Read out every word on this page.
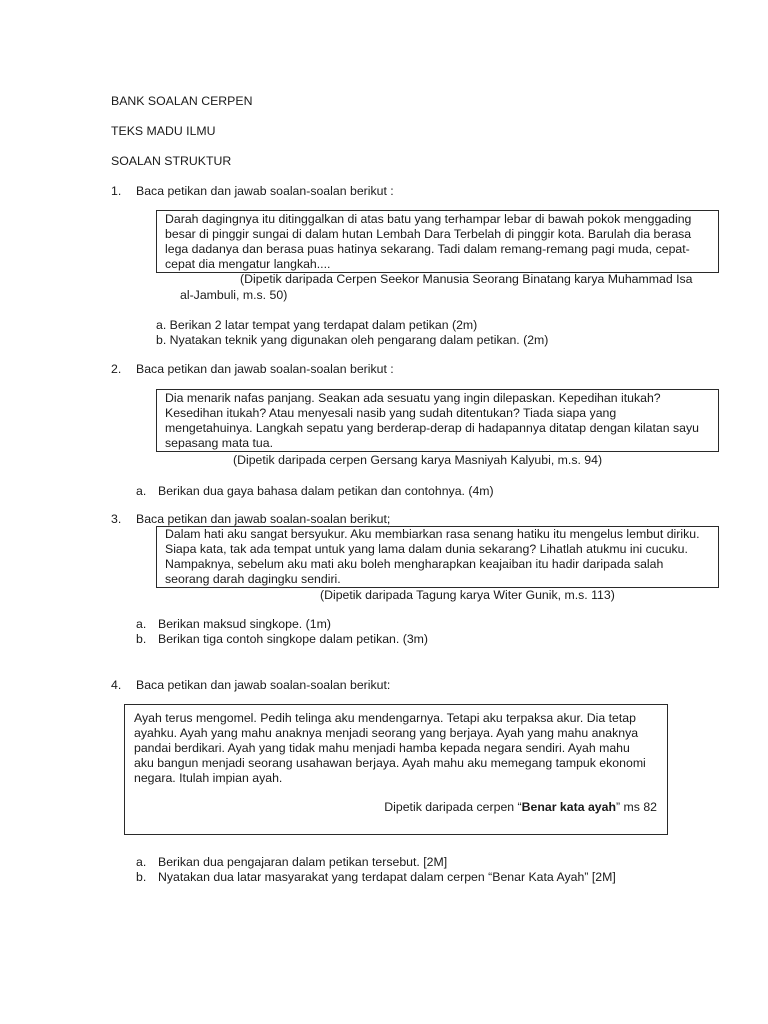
BANK SOALAN CERPEN
TEKS MADU ILMU
SOALAN STRUKTUR
1. Baca petikan dan jawab soalan-soalan berikut :
Darah dagingnya itu ditinggalkan di atas batu yang terhampar lebar di bawah pokok menggading
besar di pinggir sungai di dalam hutan Lembah Dara Terbelah di pinggir kota. Barulah dia berasa
lega dadanya dan berasa puas hatinya sekarang. Tadi dalam remang-remang pagi muda, cepat-
cepat dia mengatur langkah....
(Dipetik daripada Cerpen Seekor Manusia Seorang Binatang karya Muhammad Isa
al-Jambuli, m.s. 50)
a. Berikan 2 latar tempat yang terdapat dalam petikan (2m)
b. Nyatakan teknik yang digunakan oleh pengarang dalam petikan. (2m)
2. Baca petikan dan jawab soalan-soalan berikut :
Dia menarik nafas panjang. Seakan ada sesuatu yang ingin dilepaskan. Kepedihan itukah?
Kesedihan itukah? Atau menyesali nasib yang sudah ditentukan? Tiada siapa yang
mengetahuinya. Langkah sepatu yang berderap-derap di hadapannya ditatap dengan kilatan sayu
sepasang mata tua.
(Dipetik daripada cerpen Gersang karya Masniyah Kalyubi, m.s. 94)
a. Berikan dua gaya bahasa dalam petikan dan contohnya. (4m)
3. Baca petikan dan jawab soalan-soalan berikut;
Dalam hati aku sangat bersyukur. Aku membiarkan rasa senang hatiku itu mengelus lembut diriku.
Siapa kata, tak ada tempat untuk yang lama dalam dunia sekarang? Lihatlah atukmu ini cucuku.
Nampaknya, sebelum aku mati aku boleh mengharapkan keajaiban itu hadir daripada salah
seorang darah dagingku sendiri.
(Dipetik daripada Tagung karya Witer Gunik, m.s. 113)
a. Berikan maksud singkope. (1m)
b. Berikan tiga contoh singkope dalam petikan. (3m)
4. Baca petikan dan jawab soalan-soalan berikut:
Ayah terus mengomel. Pedih telinga aku mendengarnya. Tetapi aku terpaksa akur. Dia tetap
ayahku. Ayah yang mahu anaknya menjadi seorang yang berjaya. Ayah yang mahu anaknya
pandai berdikari. Ayah yang tidak mahu menjadi hamba kepada negara sendiri. Ayah mahu
aku bangun menjadi seorang usahawan berjaya. Ayah mahu aku memegang tampuk ekonomi
negara. Itulah impian ayah.
Dipetik daripada cerpen “Benar kata ayah” ms 82
a. Berikan dua pengajaran dalam petikan tersebut. [2M]
b. Nyatakan dua latar masyarakat yang terdapat dalam cerpen “Benar Kata Ayah” [2M]
